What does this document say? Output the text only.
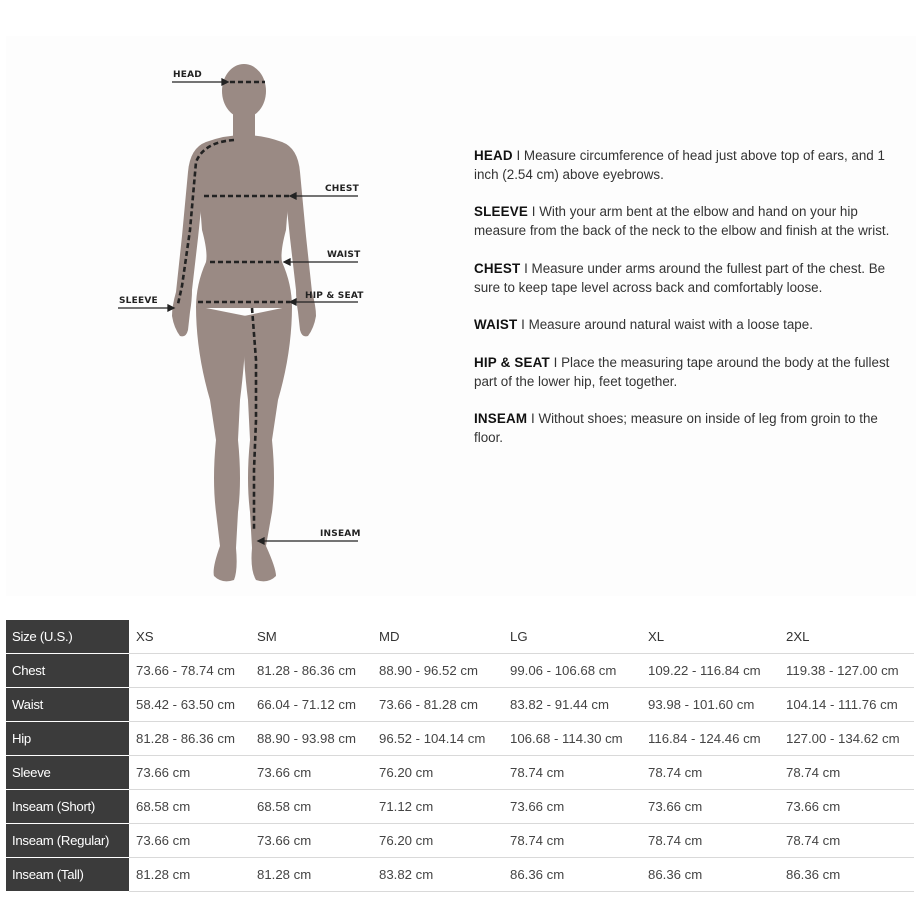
HEAD
CHEST
WAIST
HIP & SEAT
SLEEVE
INSEAM
HEAD I Measure circumference of head just above top of ears, and 1 inch (2.54 cm) above eyebrows.
SLEEVE I With your arm bent at the elbow and hand on your hip measure from the back of the neck to the elbow and finish at the wrist.
CHEST I Measure under arms around the fullest part of the chest. Be sure to keep tape level across back and comfortably loose.
WAIST I Measure around natural waist with a loose tape.
HIP & SEAT I Place the measuring tape around the body at the fullest part of the lower hip, feet together.
INSEAM I Without shoes; measure on inside of leg from groin to the floor.
Size (U.S.)	XS	SM	MD	LG	XL	2XL
Chest	73.66 - 78.74 cm	81.28 - 86.36 cm	88.90 - 96.52 cm	99.06 - 106.68 cm	109.22 - 116.84 cm	119.38 - 127.00 cm
Waist	58.42 - 63.50 cm	66.04 - 71.12 cm	73.66 - 81.28 cm	83.82 - 91.44 cm	93.98 - 101.60 cm	104.14 - 111.76 cm
Hip	81.28 - 86.36 cm	88.90 - 93.98 cm	96.52 - 104.14 cm	106.68 - 114.30 cm	116.84 - 124.46 cm	127.00 - 134.62 cm
Sleeve	73.66 cm	73.66 cm	76.20 cm	78.74 cm	78.74 cm	78.74 cm
Inseam (Short)	68.58 cm	68.58 cm	71.12 cm	73.66 cm	73.66 cm	73.66 cm
Inseam (Regular)	73.66 cm	73.66 cm	76.20 cm	78.74 cm	78.74 cm	78.74 cm
Inseam (Tall)	81.28 cm	81.28 cm	83.82 cm	86.36 cm	86.36 cm	86.36 cm
